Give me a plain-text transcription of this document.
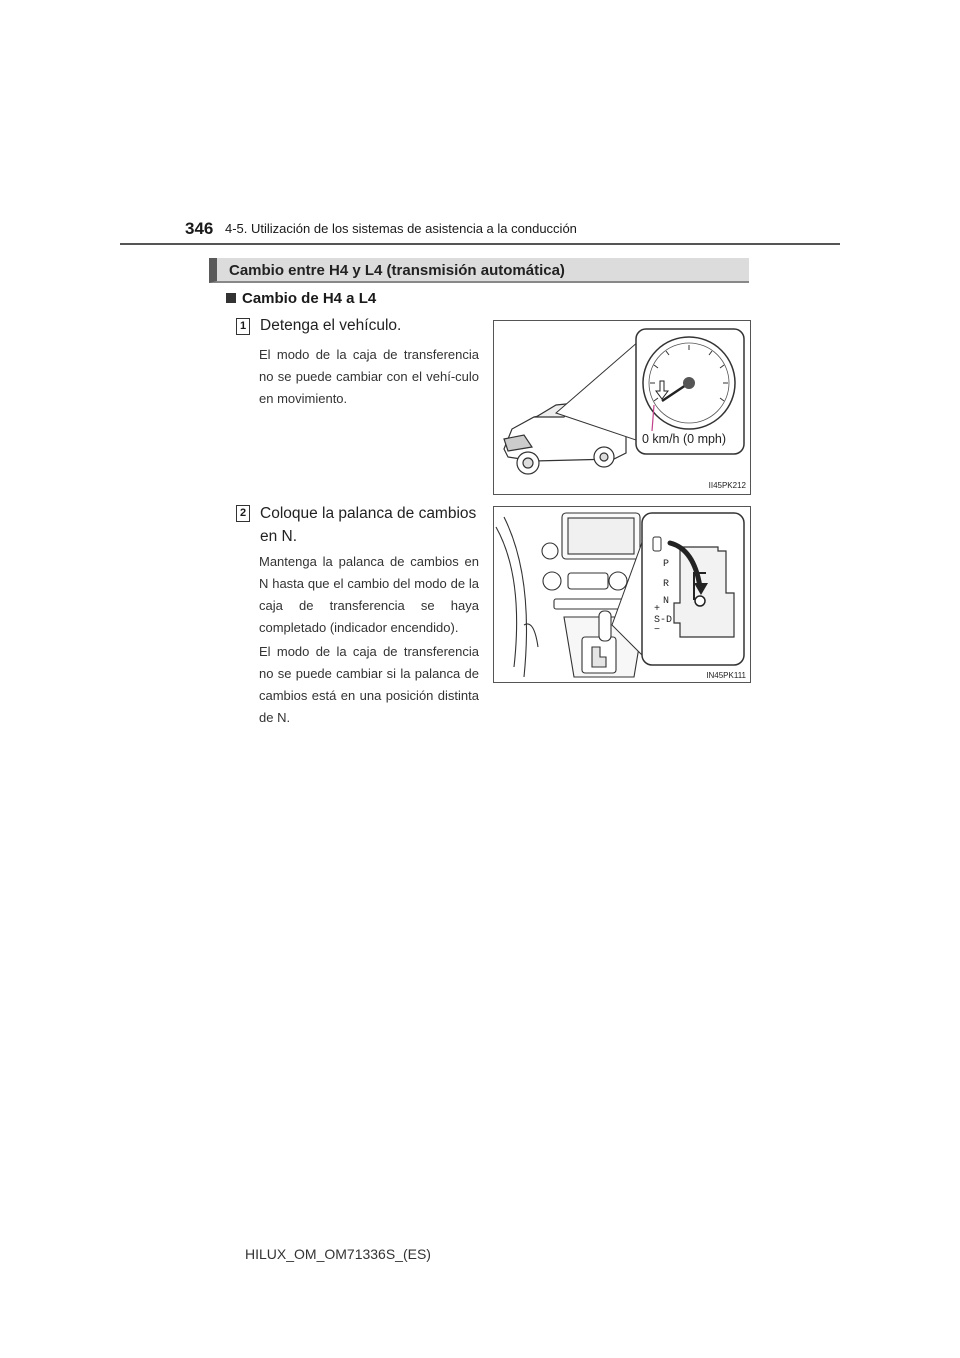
346 4-5. Utilización de los sistemas de asistencia a la conducción
Cambio entre H4 y L4 (transmisión automática)
Cambio de H4 a L4
1 Detenga el vehículo.
El modo de la caja de transferencia no se puede cambiar con el vehí-culo en movimiento.
0 km/h (0 mph)
II45PK212
2 Coloque la palanca de cambios en N.
Mantenga la palanca de cambios en N hasta que el cambio del modo de la caja de transferencia se haya completado (indicador encendido).
El modo de la caja de transferencia no se puede cambiar si la palanca de cambios está en una posición distinta de N.
P
R
N
+
S-D
−
IN45PK111
HILUX_OM_OM71336S_(ES)
